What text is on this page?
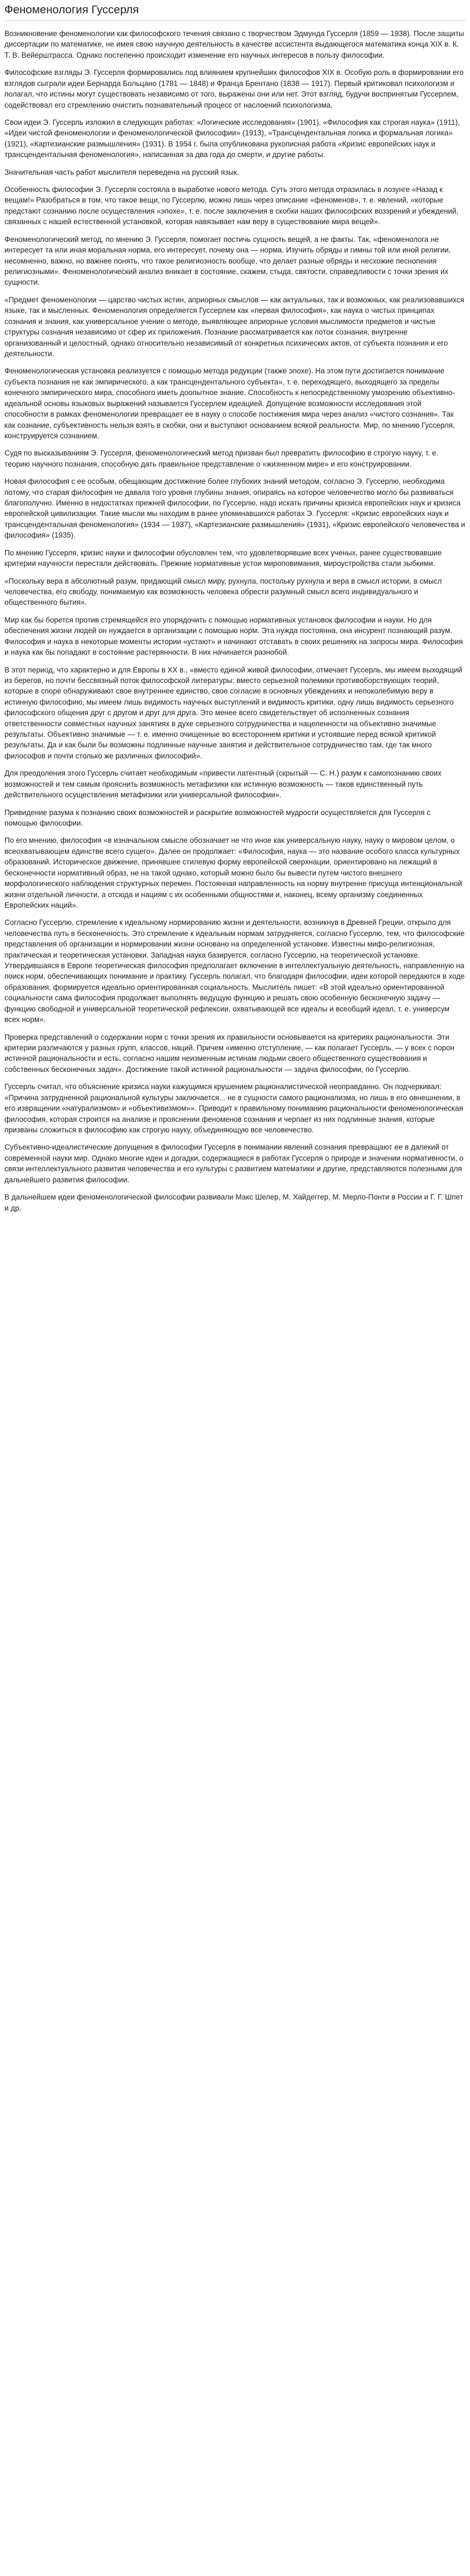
Феноменология Гуссерля

Возникновение феноменологии как философского течения связано с творчеством Эдмунда Гуссерля (1859 — 1938). После защиты диссертации по математике, не имея свою научную деятельность в качестве ассистента выдающегося математика конца XIX в. К. Т. В. Вейерштрасса. Однако постепенно происходит изменение его научных интересов в пользу философии.

Философские взгляды Э. Гуссерля формировались под влиянием крупнейших философов XIX в. Особую роль в формировании его взглядов сыграли идеи Бернарда Больцано (1781 — 1848) и Франца Брентано (1838 — 1917). Первый критиковал психологизм и полагал, что истины могут существовать независимо от того, выражены они или нет. Этот взгляд, будучи воспринятым Гуссерлем, содействовал его стремлению очистить познавательный процесс от наслоений психологизма.

Свои идеи Э. Гуссерль изложил в следующих работах: «Логические исследования» (1901), «Философия как строгая наука» (1911), «Идеи чистой феноменологии и феноменологической философии» (1913), «Трансцендентальная логика и формальная логика» (1921), «Картезианские размышления» (1931). В 1954 г. была опубликована рукописная работа «Кризис европейских наук и трансцендентальная феноменология», написанная за два года до смерти, и другие работы.

Значительная часть работ мыслителя переведена на русский язык.

Особенность философии Э. Гуссерля состояла в выработке нового метода. Суть этого метода отразилась в лозунге «Назад к вещам!» Разобраться в том, что такое вещи, по Гуссерлю, можно лишь через описание «феноменов», т. е. явлений, «которые предстают сознанию после осуществления «эпохе», т. е. после заключения в скобки наших философских воззрений и убеждений, связанных с нашей естественной установкой, которая навязывает нам веру в существование мира вещей».

Феноменологический метод, по мнению Э. Гуссерля, помогает постичь сущность вещей, а не факты. Так, «феноменолога не интересует та или иная моральная норма, его интересует, почему она — норма. Изучить обряды и гимны той или иной религии, несомненно, важно, но важнее понять, что такое религиозность вообще, что делает разные обряды и несхожие песнопения религиозными». Феноменологический анализ вникает в состояние, скажем, стыда, святости, справедливости с точки зрения их сущности.

«Предмет феноменологии — царство чистых истин, априорных смыслов — как актуальных, так и возможных, как реализовавшихся языке, так и мысленных. Феноменология определяется Гуссерлем как «первая философия», как наука о чистых принципах сознания и знания, как универсальное учение о методе, выявляющее априорные условия мыслимости предметов и чистые структуры сознания независимо от сфер их приложения. Познание рассматривается как поток сознания, внутренне организованный и целостный, однако относительно независимый от конкретных психических актов, от субъекта познания и его деятельности.

Феноменологическая установка реализуется с помощью метода редукции (также эпохе). На этом пути достигается понимание субъекта познания не как эмпирического, а как трансцендентального субъекта», т. е. переходящего, выходящего за пределы конечного эмпирического мира, способного иметь доопытное знание. Способность к непосредственному умозрению объективно-идеальной основы языковых выражений называется Гуссерлем идеацией. Допущение возможности исследования этой способности в рамках феноменологии превращает ее в науку о способе постижения мира через анализ «чистого сознания». Так как сознание, субъективность нельзя взять в скобки, они и выступают основанием всякой реальности. Мир, по мнению Гуссерля, конструируется сознанием.

Судя по высказываниям Э. Гуссерля, феноменологический метод призван был превратить философию в строгую науку, т. е. теорию научного познания, способную дать правильное представление о «жизненном мире» и его конструировании.

Новая философия с ее особым, обещающим достижение более глубоких знаний методом, согласно Э. Гуссерлю, необходима потому, что старая философия не давала того уровня глубины знания, опираясь на которое человечество могло бы развиваться благополучно. Именно в недостатках прежней философии, по Гуссерлю, надо искать причины кризиса европейских наук и кризиса европейской цивилизации. Такие мысли мы находим в ранее упоминавшихся работах Э. Гуссерля: «Кризис европейских наук и трансцендентальная феноменология» (1934 — 1937), «Картезианские размышления» (1931), «Кризис европейского человечества и философия» (1935).

По мнению Гуссерля, кризис науки и философии обусловлен тем, что удовлетворявшие всех ученых, ранее существовавшие критерии научности перестали действовать. Прежние нормативные устои мироповимания, мироустройства стали зыбкими.

«Поскольку вера в абсолютный разум, придающий смысл миру, рухнула, постольку рухнула и вера в смысл истории, в смысл человечества, его свободу, понимаемую как возможность человека обрести разумный смысл всего индивидуального и общественного бытия».

Мир как бы борется против стремящейся его упорядочить с помощью нормативных установок философии и науки. Но для обеспечения жизни людей он нуждается в организации с помощью норм. Эта нужда постоянна, она инсурент познающий разум. Философия и наука в некоторые моменты истории «устают» и начинают отставать в своих решениях на запросы мира. Философия и наука как бы попадают в состояние растерянности. В них начинается разнобой.

В этот период, что характерно и для Европы в ХХ в., «вместо единой живой философии, отмечает Гуссерль, мы имеем выходящий из берегов, но почти бессвязный поток философской литературы: вместо серьезной полемики противоборствующих теорий, которые в споре обнаруживают свое внутреннее единство, свое согласие в основных убеждениях и непоколебимую веру в истинную философию, мы имеем лишь видимость научных выступлений и видимость критики, одну лишь видимость серьезного философского общения друг с другом и друг для друга. Это менее всего свидетельствует об исполненных сознания ответственности совместных научных занятиях в духе серьезного сотрудничества и нацеленности на объективно значимые результаты. Объективно значимые — т. е. именно очищенные во всестороннем критики и устоявшие перед всякой критикой результаты. Да и как были бы возможны подлинные научные занятия и действительное сотрудничество там, где так много философов и почти столько же различных философий».

Для преодоления этого Гуссерль считает необходимым «привести латентный (скрытый — С. Н.) разум к самопознанию своих возможностей и тем самым прояснить возможность метафизики как истинную возможность — таков единственный путь действительного осуществления метафизики или универсальной философии».

Привидение разума к познанию своих возможностей и раскрытие возможностей мудрости осуществляется для Гуссерля с помощью философии.

По его мнению, философия «в изначальном смысле обозначает не что иное как универсальную науку, науку о мировом целом, о всеохватывающем единстве всего сущего». Далее он продолжает: «Философия, наука — это название особого класса культурных образований. Историческое движение, принявшее стилевую форму европейской сверхнации, ориентировано на лежащий в бесконечности нормативный образ, не на такой однако, который можно было бы вывести путем чистого внешнего морфологического наблюдения структурных перемен. Постоянная направленность на норму внутренне присуща интенциональной жизни отдельной личности, а отсюда и нациям с их особенными общностями и, наконец, всему организму соединенных Европейских наций».

Согласно Гуссерлю, стремление к идеальному нормированию жизни и деятельности, возникнув в Древней Греции, открыло для человечества путь в бесконечность. Это стремление к идеальным нормам затрудняется, согласно Гуссерлю, тем, что философские представления об организации и нормировании жизни основано на определенной установке. Известны мифо-религиозная, практическая и теоретическая установки. Западная наука базируется, согласно Гуссерлю, на теоретической установке. Утвердившаяся в Европе теоретическая философия предполагает включение в интеллектуальную деятельность, направленную на поиск норм, обеспечивающих понимание и практику. Гуссерль полагал, что благодаря философии, идеи которой передаются в ходе образования, формируется идеально ориентированная социальность. Мыслитель пишет: «В этой идеально ориентированной социальности сама философия продолжает выполнять ведущую функцию и решать свою особенную бесконечную задачу — функцию свободной и универсальной теоретической рефлексии, охватывающей все идеалы и всеобщий идеал, т. е. универсум всех норм».

Проверка представлений о содержании норм с точки зрения их правильности основывается на критериях рациональности. Эти критерии различаются у разных групп, классов, наций. Причем «именно отступление, — как полагает Гуссерль, — у всех с порон истинной рациональности и есть, согласно нашим неизменным истинам людьми своего общественного существования и собственных бесконечных задач». Достижение такой истинной рациональности — задача философии, по Гуссерлю.

Гуссерль считал, что объяснение кризиса науки кажущимся крушением рационалистической неоправданно. Он подчеркивал: «Причина затрудненной рациональной культуры заключается... не в сущности самого рационализма, но лишь в его овнешнении, в его извращении «натурализмом» и «объективизмом»». Приводит к правильному пониманию рациональности феноменологическая философия, которая строится на анализе и прояснении феноменов сознания и черпает из них подлинные знания, которые призваны сложиться в философию как строгую науку, объединяющую все человечество.

Субъективно-идеалистические допущения в философии Гуссерля в понимании явлений сознания превращают ее в далекий от современной науки мир. Однако многие идеи и догадки, содержащиеся в работах Гуссерля о природе и значении нормативности, о связи интеллектуального развития человечества и его культуры с развитием математики и другие, представляются полезными для дальнейшего развития философии.

В дальнейшем идеи феноменологической философии развивали Макс Шелер, М. Хайдеггер, М. Мерло-Понти в России и Г. Г. Шпет и др.
